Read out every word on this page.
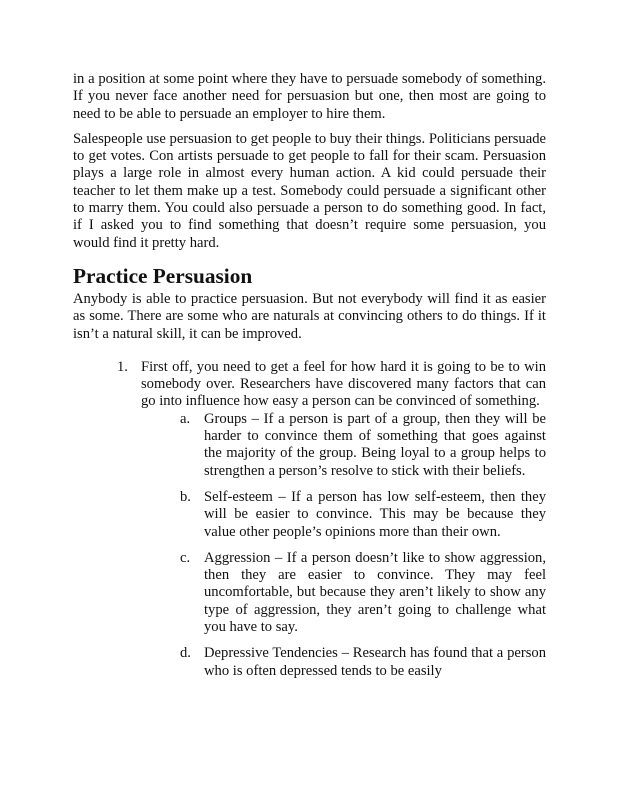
in a position at some point where they have to persuade somebody of something. If you never face another need for persuasion but one, then most are going to need to be able to persuade an employer to hire them.

Salespeople use persuasion to get people to buy their things. Politicians persuade to get votes. Con artists persuade to get people to fall for their scam. Persuasion plays a large role in almost every human action. A kid could persuade their teacher to let them make up a test. Somebody could persuade a significant other to marry them. You could also persuade a person to do something good. In fact, if I asked you to find something that doesn’t require some persuasion, you would find it pretty hard.

Practice Persuasion

Anybody is able to practice persuasion. But not everybody will find it as easier as some. There are some who are naturals at convincing others to do things. If it isn’t a natural skill, it can be improved.

1. First off, you need to get a feel for how hard it is going to be to win somebody over. Researchers have discovered many factors that can go into influence how easy a person can be convinced of something.

a. Groups – If a person is part of a group, then they will be harder to convince them of something that goes against the majority of the group. Being loyal to a group helps to strengthen a person’s resolve to stick with their beliefs.

b. Self-esteem – If a person has low self-esteem, then they will be easier to convince. This may be because they value other people’s opinions more than their own.

c. Aggression – If a person doesn’t like to show aggression, then they are easier to convince. They may feel uncomfortable, but because they aren’t likely to show any type of aggression, they aren’t going to challenge what you have to say.

d. Depressive Tendencies – Research has found that a person who is often depressed tends to be easily
